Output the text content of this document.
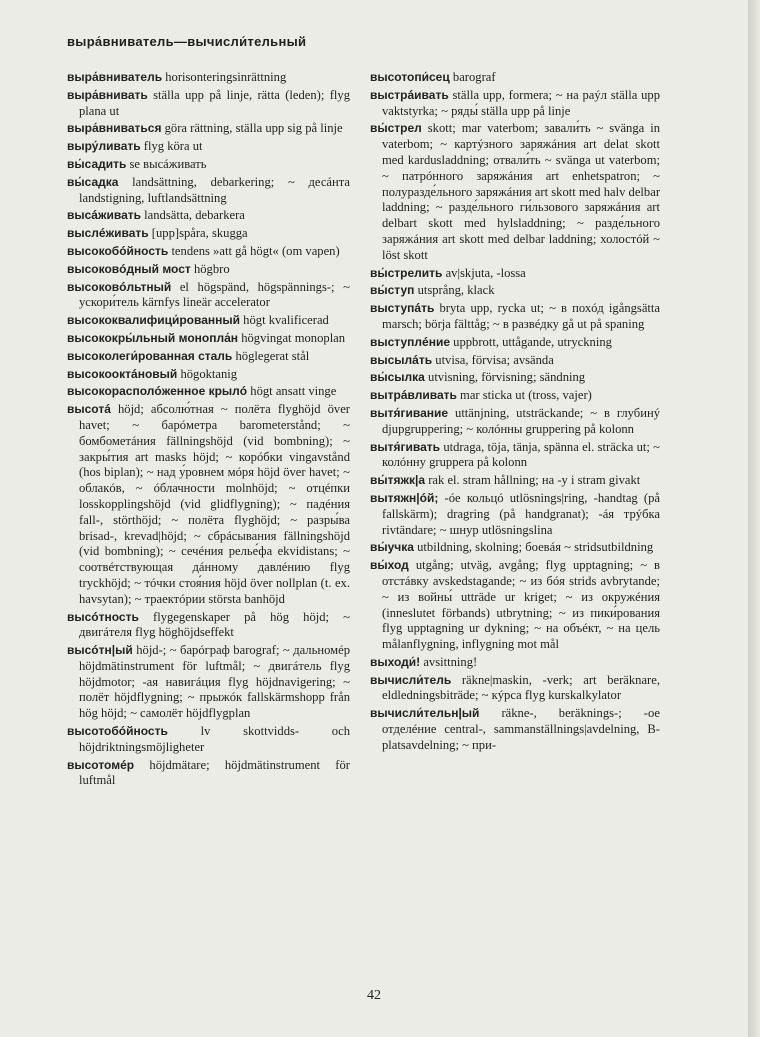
выра́вниватель—вычисли́тельный

выра́вниватель horisonteringsinrättning

выра́внивать ställa upp på linje, rätta (leden); flyg plana ut

выра́вниваться göra rättning, ställa upp sig på linje

выру́ливать flyg köra ut

вы́садить se высáживать

вы́садка landsättning, debarkering; ~ десáнта landstigning, luftlandsättning

высáживать landsätta, debarkera

выслéживать [upp]spåra, skugga

высокобóйность tendens »att gå högt« (om vapen)

высоковóдный мост högbro

высоковóльтный el högspänd, högspännings-; ~ ускори́тель kärnfys lineär accelerator

высококвалифици́рованный högt kvalificerad

высококры́льный монопла́н högvingat monoplan

высоколеги́рованная сталь höglegerat stål

высокооктáновый högoktanig

высокорасполóженное крылó högt ansatt vinge

высотá höjd; абсолю́тная ~ полёта flyghöjd över havet; ~ барóметра barometerstånd; ~ бомбометáния fällningshöjd (vid bombning); ~ закры́тия art masks höjd; ~ корóбки vingavstånd (hos biplan); ~ над у́ровнем мóря höjd över havet; ~ облакóв, ~ óблачности molnhöjd; ~ отцéпки losskopplingshöjd (vid glidflygning); ~ падéния fall-, störthöjd; ~ полёта flyghöjd; ~ разры́ва brisad-, krevad|höjd; ~ сбрáсывания fällningshöjd (vid bombning); ~ сечéния релье́фа ekvidistans; ~ соотвéтствующая дáнному давлéнию flyg tryckhöjd; ~ тóчки стоя́ния höjd över nollplan (t. ex. havsytan); ~ траектóрии största banhöjd

высóтность flygegenskaper på hög höjd; ~ двигáтеля flyg höghöjdseffekt

высóтн|ый höjd-; ~ барóграф barograf; ~ дальномéр höjdmätinstrument för luftmål; ~ двигáтель flyg höjdmotor; -ая навигáция flyg höjdnavigering; ~ полёт höjdflygning; ~ прыжóк fallskärmshopp från hög höjd; ~ самолёт höjdflygplan

высотобóйность	lv skottvidds- och höjdriktningsmöjligheter

высотомéр höjdmätare; höjdmätinstrument för luftmål

высотопи́сец barograf

выстрáивать ställa upp, formera; ~ на раýл ställa upp vaktstyrka; ~ ряды́ ställa upp på linje

вы́стрел skott; mar vaterbom; завали́ть ~ svänga in vaterbom; ~ картýзного заряжáния art delat skott med kardusladdning; отвали́ть ~ svänga ut vaterbom; ~ патрóнного заряжáния art enhetspatron; ~ полуразде́льного заряжáния art skott med halv delbar laddning; ~ разде́льного ги́льзового заряжáния art delbart skott med hylsladdning; ~ разде́льного заряжáния art skott med delbar laddning; холостóй ~ löst skott

вы́стрелить av|skjuta, -lossa

вы́ступ utsprång, klack

выступáть bryta upp, rycka ut; ~ в похóд igångsätta marsch; börja fälttåg; ~ в развéдку gå ut på spaning

выступлéние uppbrott, uttågande, utryckning

высылáть utvisa, förvisa; avsända

вы́сылка utvisning, förvisning; sändning

вытрáвливать mar sticka ut (tross, vajer)

вытя́гивание uttänjning, utsträckande; ~ в глубинý djupgruppering; ~ колóнны gruppering på kolonn

вытя́гивать utdraga, töja, tänja, spänna el. sträcka ut; ~ колóнну gruppera på kolonn

вы́тяжк|а rak el. stram hållning; на -у i stram givakt

вытяжн|óй; -óе кольцó utlösnings|ring, -handtag (på fallskärm); dragring (på handgranat); -áя трýбка rivtändare; ~ шнур utlösningslina

вы́учка utbildning, skolning; боевáя ~ stridsutbildning

вы́ход utgång; utväg, avgång; flyg upptagning; ~ в отстáвку avskedstagande; ~ из бóя strids avbrytande; ~ из войны́ utträde ur kriget; ~ из окружéния (inneslutet förbands) utbrytning; ~ из пики́рования flyg upptagning ur dykning; ~ на объéкт, ~ на цель målanflygning, inflygning mot mål

выходи́! avsittning!

вычисли́тель räkne|maskin, -verk; art beräknare, eldledningsbiträde; ~ кýрса flyg kurskalkylator

вычисли́тельн|ый räkne-, beräknings-; -ое отделéние central-, sammanställnings|avdelning, B-platsavdelning; ~ при-

42
